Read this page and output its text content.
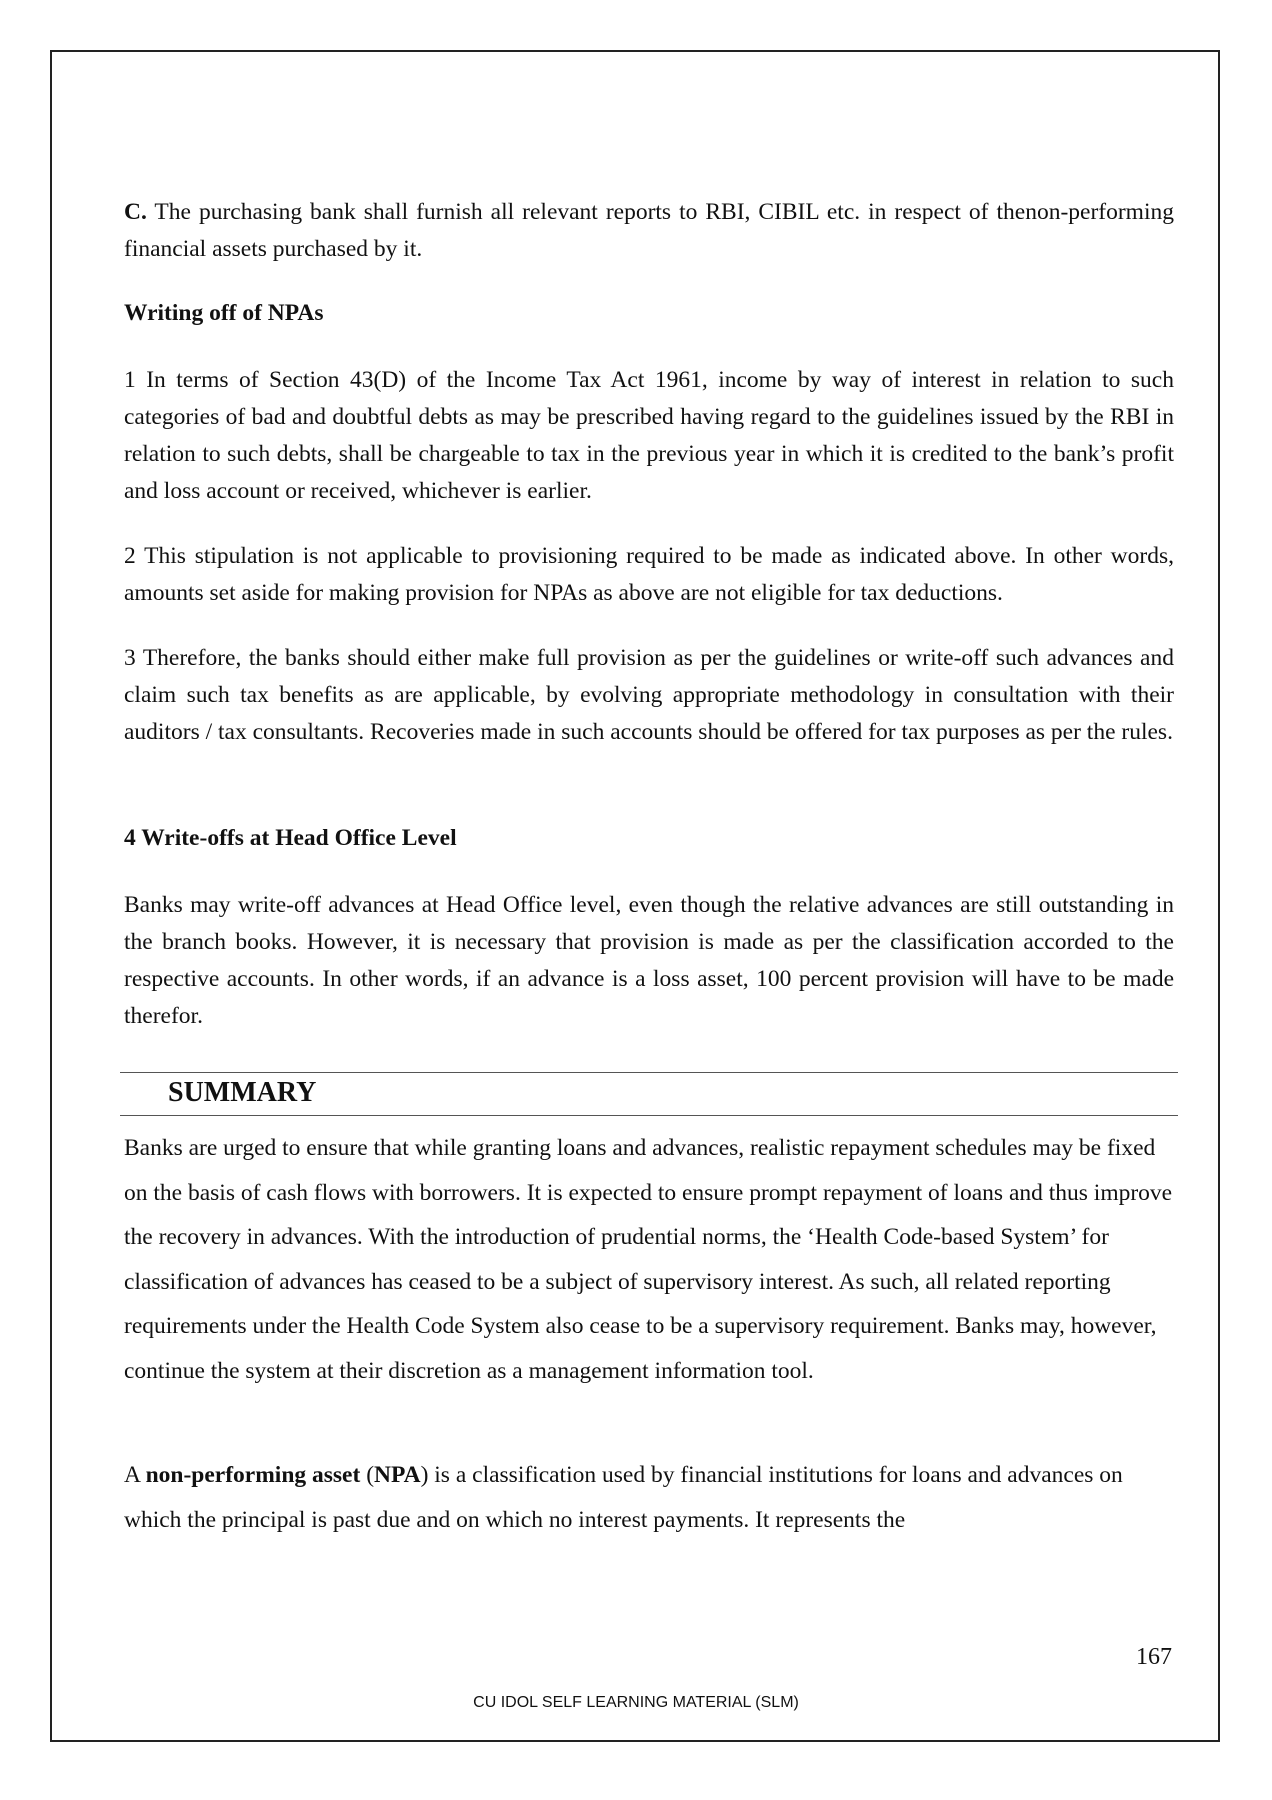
C. The purchasing bank shall furnish all relevant reports to RBI, CIBIL etc. in respect of thenon-performing financial assets purchased by it.

Writing off of NPAs

1 In terms of Section 43(D) of the Income Tax Act 1961, income by way of interest in relation to such categories of bad and doubtful debts as may be prescribed having regard to the guidelines issued by the RBI in relation to such debts, shall be chargeable to tax in the previous year in which it is credited to the bank’s profit and loss account or received, whichever is earlier.

2 This stipulation is not applicable to provisioning required to be made as indicated above. In other words, amounts set aside for making provision for NPAs as above are not eligible for tax deductions.

3 Therefore, the banks should either make full provision as per the guidelines or write-off such advances and claim such tax benefits as are applicable, by evolving appropriate methodology in consultation with their auditors / tax consultants. Recoveries made in such accounts should be offered for tax purposes as per the rules.

4 Write-offs at Head Office Level

Banks may write-off advances at Head Office level, even though the relative advances are still outstanding in the branch books. However, it is necessary that provision is made as per the classification accorded to the respective accounts. In other words, if an advance is a loss asset, 100 percent provision will have to be made therefor.

SUMMARY

Banks are urged to ensure that while granting loans and advances, realistic repayment schedules may be fixed on the basis of cash flows with borrowers. It is expected to ensure prompt repayment of loans and thus improve the recovery in advances. With the introduction of prudential norms, the ‘Health Code-based System’ for classification of advances has ceased to be a subject of supervisory interest. As such, all related reporting requirements under the Health Code System also cease to be a supervisory requirement. Banks may, however, continue the system at their discretion as a management information tool.

A non-performing asset (NPA) is a classification used by financial institutions for loans and advances on which the principal is past due and on which no interest payments. It represents the

167
CU IDOL SELF LEARNING MATERIAL (SLM)
